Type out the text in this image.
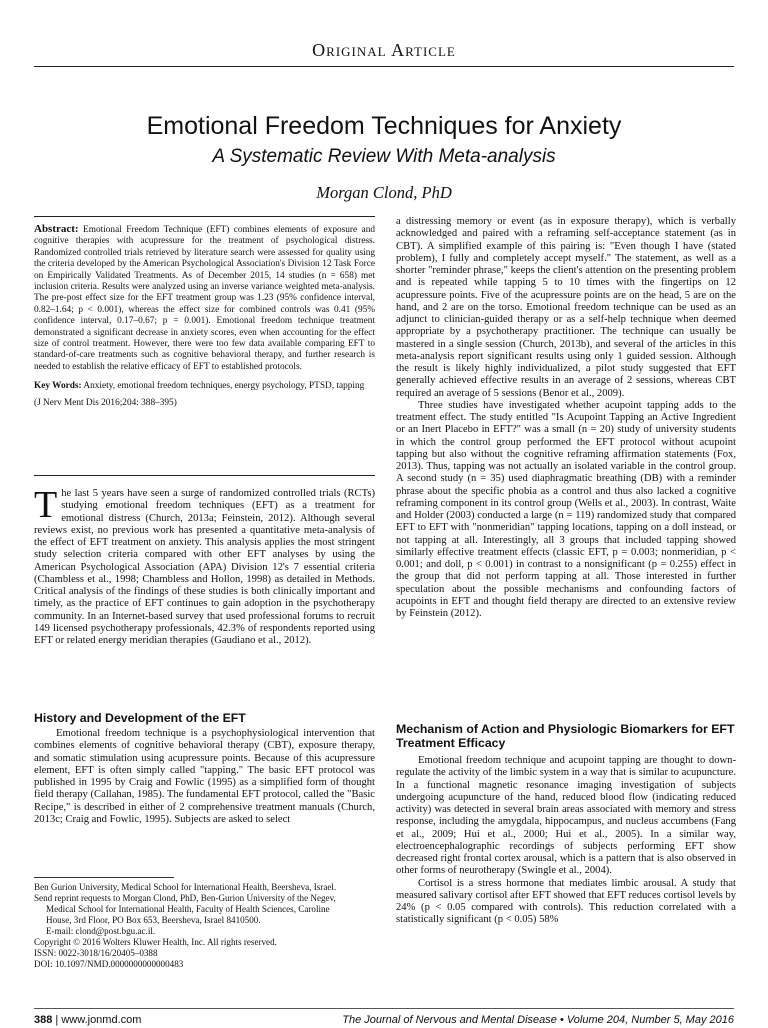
Original Article
Emotional Freedom Techniques for Anxiety
A Systematic Review With Meta-analysis
Morgan Clond, PhD
Abstract: Emotional Freedom Technique (EFT) combines elements of exposure and cognitive therapies with acupressure for the treatment of psychological distress. Randomized controlled trials retrieved by literature search were assessed for quality using the criteria developed by the American Psychological Association's Division 12 Task Force on Empirically Validated Treatments. As of December 2015, 14 studies (n = 658) met inclusion criteria. Results were analyzed using an inverse variance weighted meta-analysis. The pre-post effect size for the EFT treatment group was 1.23 (95% confidence interval, 0.82–1.64; p < 0.001), whereas the effect size for combined controls was 0.41 (95% confidence interval, 0.17–0.67; p = 0.001). Emotional freedom technique treatment demonstrated a significant decrease in anxiety scores, even when accounting for the effect size of control treatment. However, there were too few data available comparing EFT to standard-of-care treatments such as cognitive behavioral therapy, and further research is needed to establish the relative efficacy of EFT to established protocols.
Key Words: Anxiety, emotional freedom techniques, energy psychology, PTSD, tapping
(J Nerv Ment Dis 2016;204: 388–395)

The last 5 years have seen a surge of randomized controlled trials (RCTs) studying emotional freedom techniques (EFT) as a treatment for emotional distress (Church, 2013a; Feinstein, 2012). Although several reviews exist, no previous work has presented a quantitative meta-analysis of the effect of EFT treatment on anxiety. This analysis applies the most stringent study selection criteria compared with other EFT analyses by using the American Psychological Association (APA) Division 12's 7 essential criteria (Chambless et al., 1998; Chambless and Hollon, 1998) as detailed in Methods. Critical analysis of the findings of these studies is both clinically important and timely, as the practice of EFT continues to gain adoption in the psychotherapy community. In an Internet-based survey that used professional forums to recruit 149 licensed psychotherapy professionals, 42.3% of respondents reported using EFT or related energy meridian therapies (Gaudiano et al., 2012).

History and Development of the EFT

Emotional freedom technique is a psychophysiological intervention that combines elements of cognitive behavioral therapy (CBT), exposure therapy, and somatic stimulation using acupressure points. Because of this acupressure element, EFT is often simply called "tapping." The basic EFT protocol was published in 1995 by Craig and Fowlic (1995) as a simplified form of thought field therapy (Callahan, 1985). The fundamental EFT protocol, called the "Basic Recipe," is described in either of 2 comprehensive treatment manuals (Church, 2013c; Craig and Fowlic, 1995). Subjects are asked to select

Ben Gurion University, Medical School for International Health, Beersheva, Israel.
Send reprint requests to Morgan Clond, PhD, Ben-Gurion University of the Negev,
Medical School for International Health, Faculty of Health Sciences, Caroline
House, 3rd Floor, PO Box 653, Beersheva, Israel 8410500.
E-mail: clond@post.bgu.ac.il.
Copyright © 2016 Wolters Kluwer Health, Inc. All rights reserved.
ISSN: 0022-3018/16/20405–0388
DOI: 10.1097/NMD.0000000000000483

a distressing memory or event (as in exposure therapy), which is verbally acknowledged and paired with a reframing self-acceptance statement (as in CBT). A simplified example of this pairing is: "Even though I have (stated problem), I fully and completely accept myself." The statement, as well as a shorter "reminder phrase," keeps the client's attention on the presenting problem and is repeated while tapping 5 to 10 times with the fingertips on 12 acupressure points. Five of the acupressure points are on the head, 5 are on the hand, and 2 are on the torso. Emotional freedom technique can be used as an adjunct to clinician-guided therapy or as a self-help technique when deemed appropriate by a psychotherapy practitioner. The technique can usually be mastered in a single session (Church, 2013b), and several of the articles in this meta-analysis report significant results using only 1 guided session. Although the result is likely highly individualized, a pilot study suggested that EFT generally achieved effective results in an average of 2 sessions, whereas CBT required an average of 5 sessions (Benor et al., 2009).

Three studies have investigated whether acupoint tapping adds to the treatment effect. The study entitled "Is Acupoint Tapping an Active Ingredient or an Inert Placebo in EFT?" was a small (n = 20) study of university students in which the control group performed the EFT protocol without acupoint tapping but also without the cognitive reframing affirmation statements (Fox, 2013). Thus, tapping was not actually an isolated variable in the control group. A second study (n = 35) used diaphragmatic breathing (DB) with a reminder phrase about the specific phobia as a control and thus also lacked a cognitive reframing component in its control group (Wells et al., 2003). In contrast, Waite and Holder (2003) conducted a large (n = 119) randomized study that compared EFT to EFT with "nonmeridian" tapping locations, tapping on a doll instead, or not tapping at all. Interestingly, all 3 groups that included tapping showed similarly effective treatment effects (classic EFT, p = 0.003; nonmeridian, p < 0.001; and doll, p < 0.001) in contrast to a nonsignificant (p = 0.255) effect in the group that did not perform tapping at all. Those interested in further speculation about the possible mechanisms and confounding factors of acupoints in EFT and thought field therapy are directed to an extensive review by Feinstein (2012).

Mechanism of Action and Physiologic Biomarkers for EFT Treatment Efficacy

Emotional freedom technique and acupoint tapping are thought to down-regulate the activity of the limbic system in a way that is similar to acupuncture. In a functional magnetic resonance imaging investigation of subjects undergoing acupuncture of the hand, reduced blood flow (indicating reduced activity) was detected in several brain areas associated with memory and stress response, including the amygdala, hippocampus, and nucleus accumbens (Fang et al., 2009; Hui et al., 2000; Hui et al., 2005). In a similar way, electroencephalographic recordings of subjects performing EFT show decreased right frontal cortex arousal, which is a pattern that is also observed in other forms of neurotherapy (Swingle et al., 2004).

Cortisol is a stress hormone that mediates limbic arousal. A study that measured salivary cortisol after EFT showed that EFT reduces cortisol levels by 24% (p < 0.05 compared with controls). This reduction correlated with a statistically significant (p < 0.05) 58%

388 | www.jonmd.com	The Journal of Nervous and Mental Disease • Volume 204, Number 5, May 2016
